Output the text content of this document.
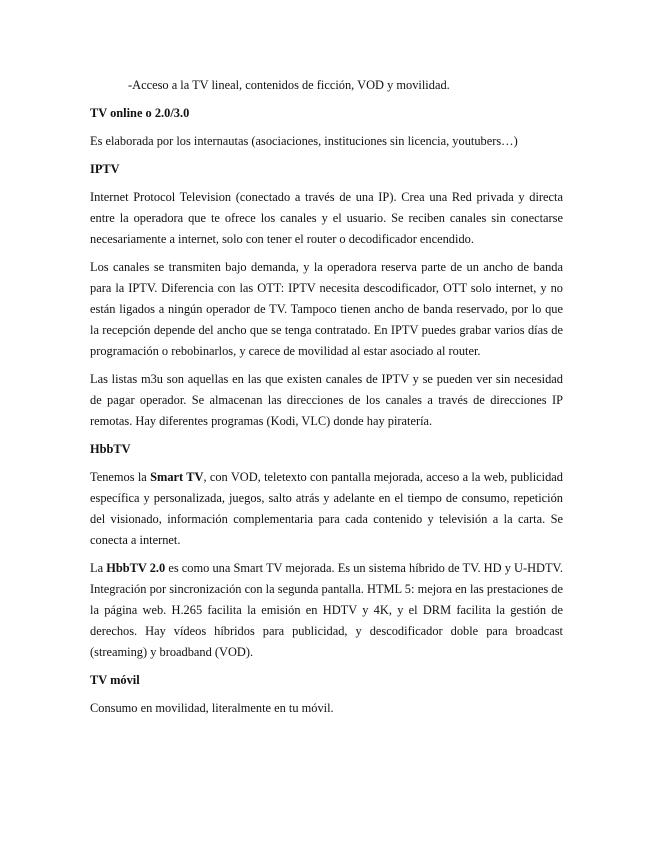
-Acceso a la TV lineal, contenidos de ficción, VOD y movilidad.
TV online o 2.0/3.0
Es elaborada por los internautas (asociaciones, instituciones sin licencia, youtubers…)
IPTV
Internet Protocol Television (conectado a través de una IP). Crea una Red privada y directa entre la operadora que te ofrece los canales y el usuario. Se reciben canales sin conectarse necesariamente a internet, solo con tener el router o decodificador encendido.
Los canales se transmiten bajo demanda, y la operadora reserva parte de un ancho de banda para la IPTV. Diferencia con las OTT: IPTV necesita descodificador, OTT solo internet, y no están ligados a ningún operador de TV. Tampoco tienen ancho de banda reservado, por lo que la recepción depende del ancho que se tenga contratado. En IPTV puedes grabar varios días de programación o rebobinarlos, y carece de movilidad al estar asociado al router.
Las listas m3u son aquellas en las que existen canales de IPTV y se pueden ver sin necesidad de pagar operador. Se almacenan las direcciones de los canales a través de direcciones IP remotas. Hay diferentes programas (Kodi, VLC) donde hay piratería.
HbbTV
Tenemos la Smart TV, con VOD, teletexto con pantalla mejorada, acceso a la web, publicidad específica y personalizada, juegos, salto atrás y adelante en el tiempo de consumo, repetición del visionado, información complementaria para cada contenido y televisión a la carta. Se conecta a internet.
La HbbTV 2.0 es como una Smart TV mejorada. Es un sistema híbrido de TV. HD y U-HDTV. Integración por sincronización con la segunda pantalla. HTML 5: mejora en las prestaciones de la página web. H.265 facilita la emisión en HDTV y 4K, y el DRM facilita la gestión de derechos. Hay vídeos híbridos para publicidad, y descodificador doble para broadcast (streaming) y broadband (VOD).
TV móvil
Consumo en movilidad, literalmente en tu móvil.
